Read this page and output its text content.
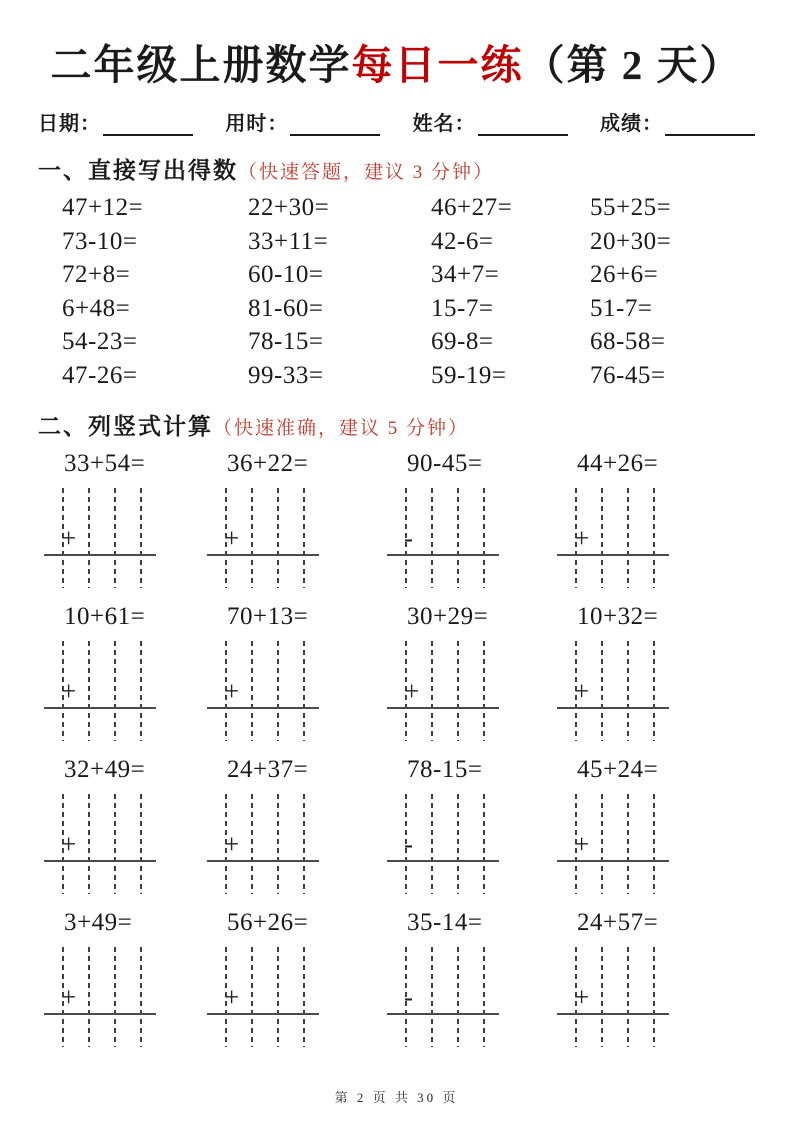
二年级上册数学每日一练（第 2 天）
日期：	用时：	姓名：	成绩：
一、直接写出得数（快速答题，建议 3 分钟）
47+12=	22+30=	46+27=	55+25=
73-10=	33+11=	42-6=	20+30=
72+8=	60-10=	34+7=	26+6=
6+48=	81-60=	15-7=	51-7=
54-23=	78-15=	69-8=	68-58=
47-26=	99-33=	59-19=	76-45=
二、列竖式计算（快速准确，建议 5 分钟）
33+54=
+
36+22=
+
90-45=
-
44+26=
+
10+61=
+
70+13=
+
30+29=
+
10+32=
+
32+49=
+
24+37=
+
78-15=
-
45+24=
+
3+49=
+
56+26=
+
35-14=
-
24+57=
+
第 2 页 共 30 页
